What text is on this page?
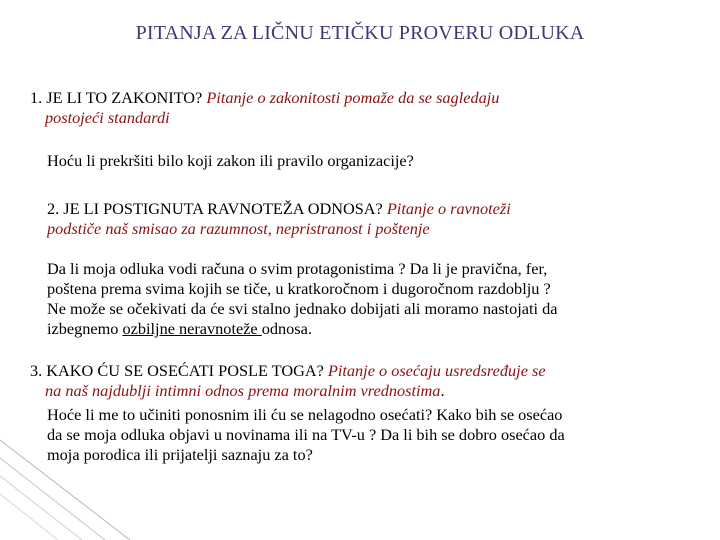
PITANJA ZA LIČNU ETIČKU PROVERU ODLUKA

1. JE LI TO ZAKONITO? Pitanje o zakonitosti pomaže da se sagledaju
postojeći standardi

Hoću li prekršiti bilo koji zakon ili pravilo organizacije?

2. JE LI POSTIGNUTA RAVNOTEŽA ODNOSA? Pitanje o ravnoteži
podstiče naš smisao za razumnost, nepristranost i poštenje

Da li moja odluka vodi računa o svim protagonistima ? Da li je pravična, fer,
poštena prema svima kojih se tiče, u kratkoročnom i dugoročnom razdoblju ?
Ne može se očekivati da će svi stalno jednako dobijati ali moramo nastojati da
izbegnemo ozbiljne neravnoteže odnosa.

3. KAKO ĆU SE OSEĆATI POSLE TOGA? Pitanje o osećaju usredsređuje se
na naš najdublji intimni odnos prema moralnim vrednostima.

Hoće li me to učiniti ponosnim ili ću se nelagodno osećati? Kako bih se osećao
da se moja odluka objavi u novinama ili na TV-u ? Da li bih se dobro osećao da
moja porodica ili prijatelji saznaju za to?
